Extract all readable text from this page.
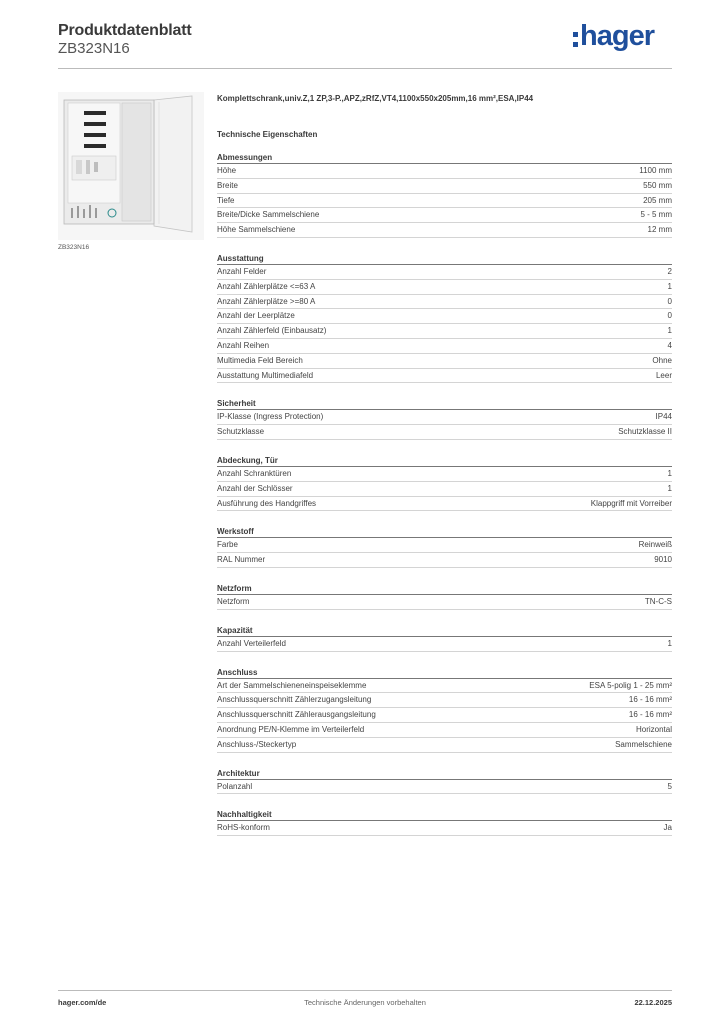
Produktdatenblatt
ZB323N16	hager
ZB323N16
Komplettschrank,univ.Z,1 ZP,3-P.,APZ,zRfZ,VT4,1100x550x205mm,16 mm²,ESA,IP44
Technische Eigenschaften
Abmessungen
Höhe	1100 mm
Breite	550 mm
Tiefe	205 mm
Breite/Dicke Sammelschiene	5 - 5 mm
Höhe Sammelschiene	12 mm
Ausstattung
Anzahl Felder	2
Anzahl Zählerplätze <=63 A	1
Anzahl Zählerplätze >=80 A	0
Anzahl der Leerplätze	0
Anzahl Zählerfeld (Einbausatz)	1
Anzahl Reihen	4
Multimedia Feld Bereich	Ohne
Ausstattung Multimediafeld	Leer
Sicherheit
IP-Klasse (Ingress Protection)	IP44
Schutzklasse	Schutzklasse II
Abdeckung, Tür
Anzahl Schranktüren	1
Anzahl der Schlösser	1
Ausführung des Handgriffes	Klappgriff mit Vorreiber
Werkstoff
Farbe	Reinweiß
RAL Nummer	9010
Netzform
Netzform	TN-C-S
Kapazität
Anzahl Verteilerfeld	1
Anschluss
Art der Sammelschieneneinspeiseklemme	ESA 5-polig 1 - 25 mm²
Anschlussquerschnitt Zählerzugangsleitung	16 - 16 mm²
Anschlussquerschnitt Zählerausgangsleitung	16 - 16 mm²
Anordnung PE/N-Klemme im Verteilerfeld	Horizontal
Anschluss-/Steckertyp	Sammelschiene
Architektur
Polanzahl	5
Nachhaltigkeit
RoHS-konform	Ja
hager.com/de	Technische Änderungen vorbehalten	22.12.2025
